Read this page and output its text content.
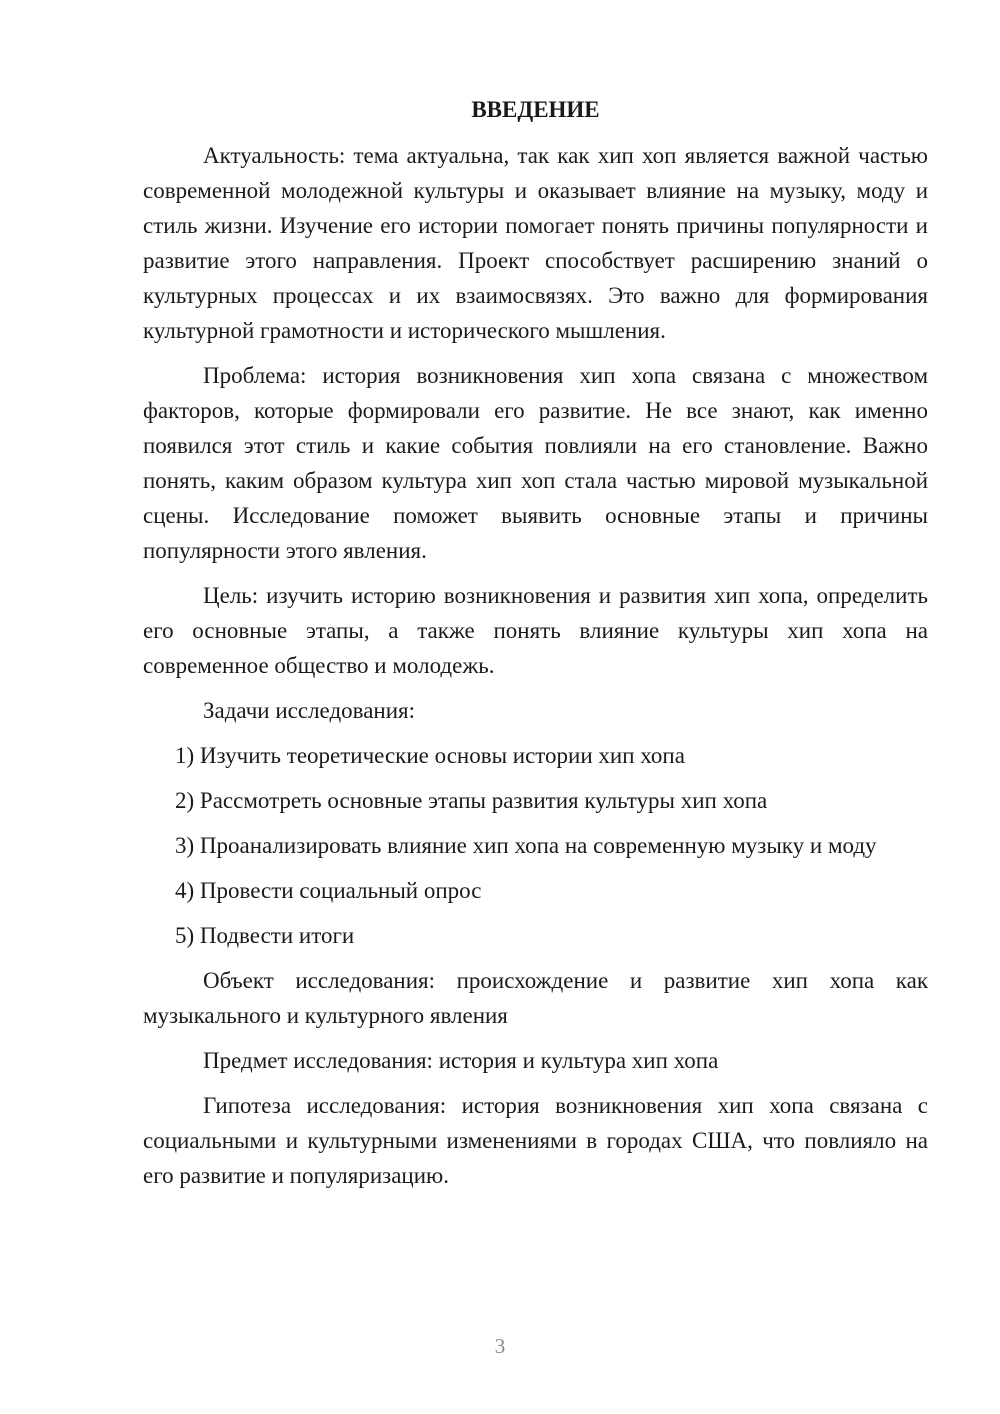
ВВЕДЕНИЕ

Актуальность: тема актуальна, так как хип хоп является важной частью современной молодежной культуры и оказывает влияние на музыку, моду и стиль жизни. Изучение его истории помогает понять причины популярности и развитие этого направления. Проект способствует расширению знаний о культурных процессах и их взаимосвязях. Это важно для формирования культурной грамотности и исторического мышления.

Проблема: история возникновения хип хопа связана с множеством факторов, которые формировали его развитие. Не все знают, как именно появился этот стиль и какие события повлияли на его становление. Важно понять, каким образом культура хип хоп стала частью мировой музыкальной сцены. Исследование поможет выявить основные этапы и причины популярности этого явления.

Цель: изучить историю возникновения и развития хип хопа, определить его основные этапы, а также понять влияние культуры хип хопа на современное общество и молодежь.

Задачи исследования:

1) Изучить теоретические основы истории хип хопа
2) Рассмотреть основные этапы развития культуры хип хопа
3) Проанализировать влияние хип хопа на современную музыку и моду
4) Провести социальный опрос
5) Подвести итоги

Объект исследования: происхождение и развитие хип хопа как музыкального и культурного явления

Предмет исследования: история и культура хип хопа

Гипотеза исследования: история возникновения хип хопа связана с социальными и культурными изменениями в городах США, что повлияло на его развитие и популяризацию.

3
